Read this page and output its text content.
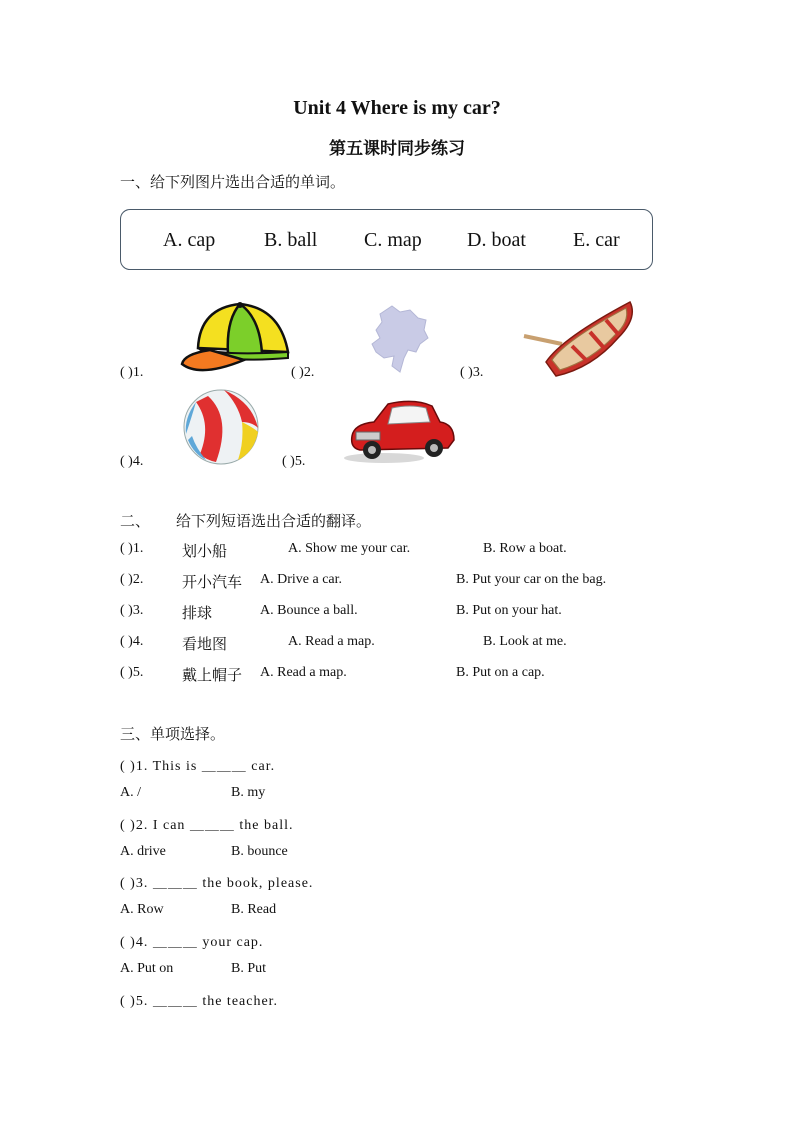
Unit 4 Where is my car?
第五课时同步练习
一、给下列图片选出合适的单词。
A. cap B. ball C. map D. boat E. car
( )1.	( )2.	( )3.
( )4.	( )5.
二、 给下列短语选出合适的翻译。
( )1.	划小船	A. Show me your car.	B. Row a boat.
( )2.	开小汽车 A. Drive a car.	B. Put your car on the bag.
( )3.	排球	A. Bounce a ball.	B. Put on your hat.
( )4.	看地图	A. Read a map.	B. Look at me.
( )5.	戴上帽子 A. Read a map.	B. Put on a cap.
三、单项选择。
( )1. This is ＿＿＿ car.
A. /	B. my
( )2. I can ＿＿＿ the ball.
A. drive	B. bounce
( )3. ＿＿＿ the book, please.
A. Row	B. Read
( )4. ＿＿＿ your cap.
A. Put on	B. Put
( )5. ＿＿＿ the teacher.
